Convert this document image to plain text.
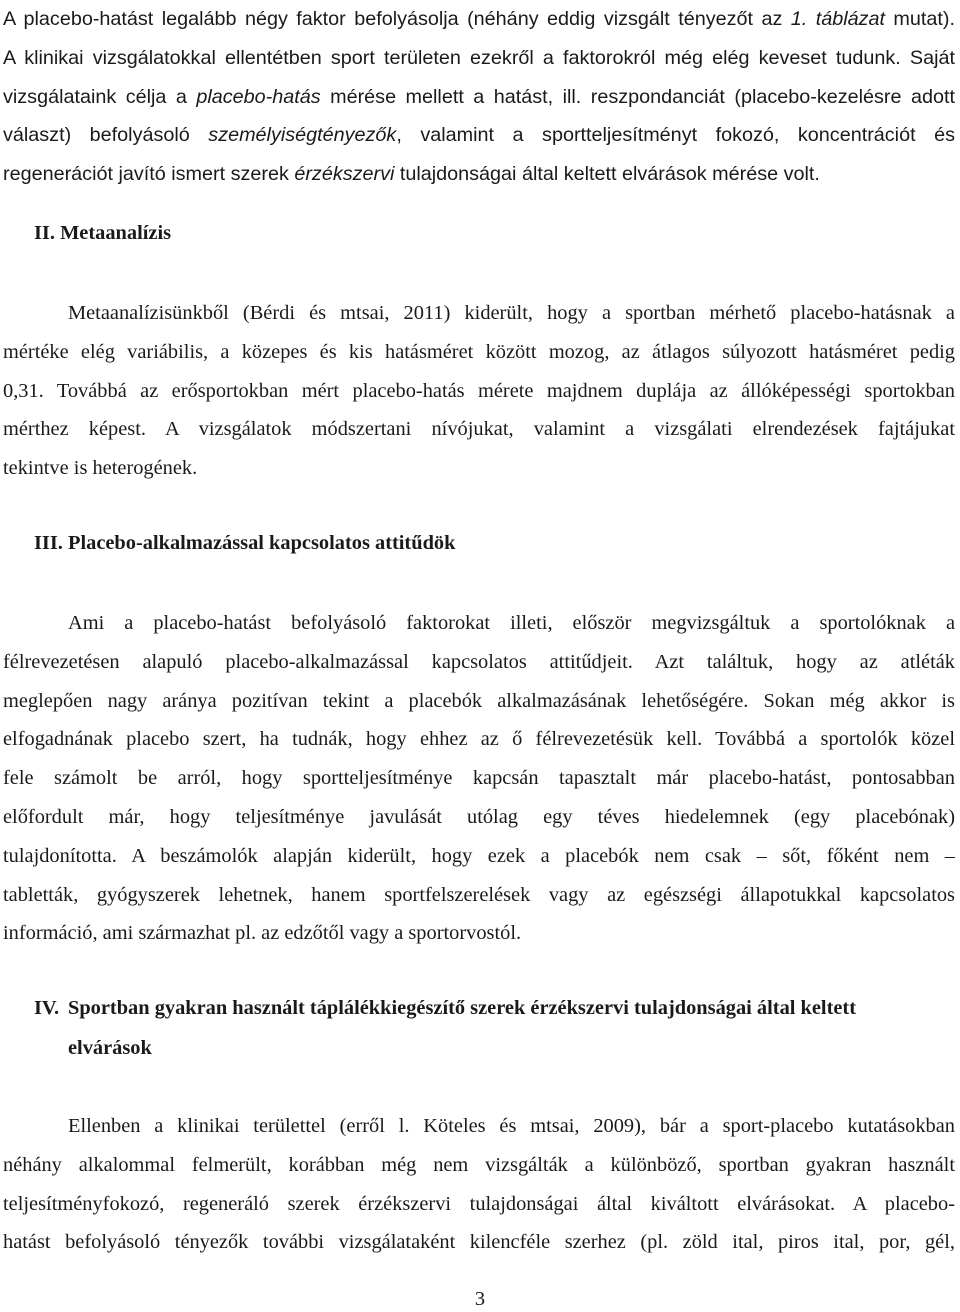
A placebo-hatást legalább négy faktor befolyásolja (néhány eddig vizsgált tényezőt az 1. táblázat mutat).
A klinikai vizsgálatokkal ellentétben sport területen ezekről a faktorokról még elég keveset tudunk. Saját
vizsgálataink célja a placebo-hatás mérése mellett a hatást, ill. reszpondanciát (placebo-kezelésre adott
választ) befolyásoló személyiségtényezők, valamint a sportteljesítményt fokozó, koncentrációt és
regenerációt javító ismert szerek érzékszervi tulajdonságai által keltett elvárások mérése volt.
II. Metaanalízis
Metaanalízisünkből (Bérdi és mtsai, 2011) kiderült, hogy a sportban mérhető placebo-hatásnak a
mértéke elég variábilis, a közepes és kis hatásméret között mozog, az átlagos súlyozott hatásméret pedig
0,31. Továbbá az erősportokban mért placebo-hatás mérete majdnem duplája az állóképességi sportokban
mérthez képest. A vizsgálatok módszertani nívójukat, valamint a vizsgálati elrendezések fajtájukat
tekintve is heterogének.
III. Placebo-alkalmazással kapcsolatos attitűdök
Ami a placebo-hatást befolyásoló faktorokat illeti, először megvizsgáltuk a sportolóknak a
félrevezetésen alapuló placebo-alkalmazással kapcsolatos attitűdjeit. Azt találtuk, hogy az atléták
meglepően nagy aránya pozitívan tekint a placebók alkalmazásának lehetőségére. Sokan még akkor is
elfogadnának placebo szert, ha tudnák, hogy ehhez az ő félrevezetésük kell. Továbbá a sportolók közel
fele számolt be arról, hogy sportteljesítménye kapcsán tapasztalt már placebo-hatást, pontosabban
előfordult már, hogy teljesítménye javulását utólag egy téves hiedelemnek (egy placebónak)
tulajdonította. A beszámolók alapján kiderült, hogy ezek a placebók nem csak – sőt, főként nem –
tabletták, gyógyszerek lehetnek, hanem sportfelszerelések vagy az egészségi állapotukkal kapcsolatos
információ, ami származhat pl. az edzőtől vagy a sportorvostól.
IV. Sportban gyakran használt táplálékkiegészítő szerek érzékszervi tulajdonságai által keltett
elvárások
Ellenben a klinikai területtel (erről l. Köteles és mtsai, 2009), bár a sport-placebo kutatásokban
néhány alkalommal felmerült, korábban még nem vizsgálták a különböző, sportban gyakran használt
teljesítményfokozó, regeneráló szerek érzékszervi tulajdonságai által kiváltott elvárásokat. A placebo-
hatást befolyásoló tényezők további vizsgálataként kilencféle szerhez (pl. zöld ital, piros ital, por, gél,
3
